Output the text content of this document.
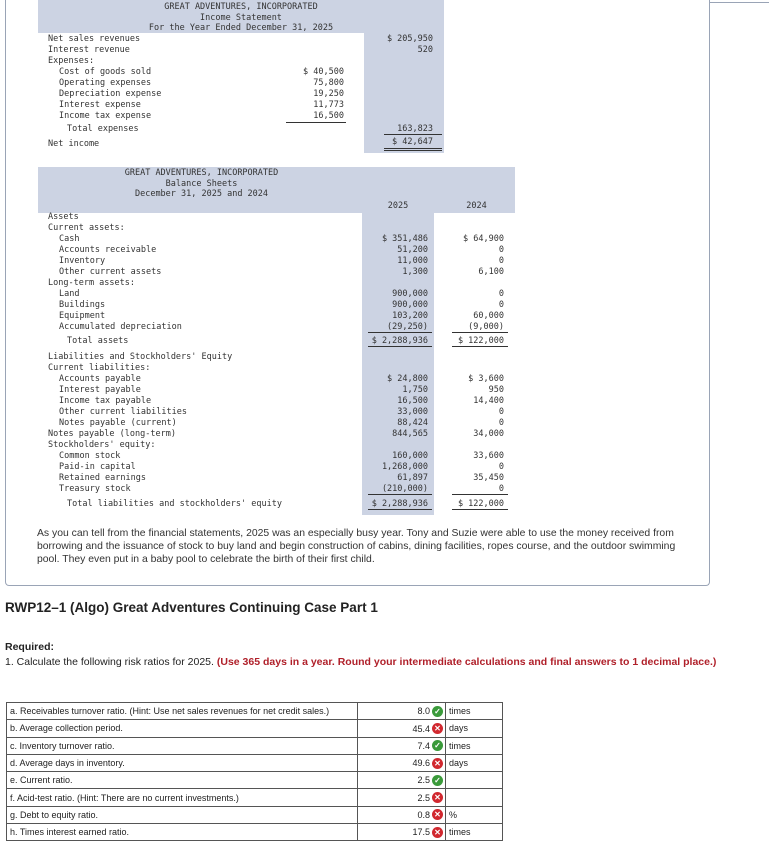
GREAT ADVENTURES, INCORPORATED
Income Statement
For the Year Ended December 31, 2025
Net sales revenues	$ 205,950
Interest revenue	520
Expenses:
Cost of goods sold	$ 40,500
Operating expenses	75,800
Depreciation expense	19,250
Interest expense	11,773
Income tax expense	16,500
Total expenses	163,823
Net income	$ 42,647
GREAT ADVENTURES, INCORPORATED
Balance Sheets
December 31, 2025 and 2024
2025	2024
Assets
Current assets:
Cash	$ 351,486	$ 64,900
Accounts receivable	51,200	0
Inventory	11,000	0
Other current assets	1,300	6,100
Long-term assets:
Land	900,000	0
Buildings	900,000	0
Equipment	103,200	60,000
Accumulated depreciation	(29,250)	(9,000)
Total assets	$ 2,288,936	$ 122,000
Liabilities and Stockholders' Equity
Current liabilities:
Accounts payable	$ 24,800	$ 3,600
Interest payable	1,750	950
Income tax payable	16,500	14,400
Other current liabilities	33,000	0
Notes payable (current)	88,424	0
Notes payable (long-term)	844,565	34,000
Stockholders' equity:
Common stock	160,000	33,600
Paid-in capital	1,268,000	0
Retained earnings	61,897	35,450
Treasury stock	(210,000)	0
Total liabilities and stockholders' equity	$ 2,288,936	$ 122,000
As you can tell from the financial statements, 2025 was an especially busy year. Tony and Suzie were able to use the money received from borrowing and the issuance of stock to buy land and begin construction of cabins, dining facilities, ropes course, and the outdoor swimming pool. They even put in a baby pool to celebrate the birth of their first child.
RWP12–1 (Algo) Great Adventures Continuing Case Part 1
Required:
1. Calculate the following risk ratios for 2025. (Use 365 days in a year. Round your intermediate calculations and final answers to 1 decimal place.)
a. Receivables turnover ratio. (Hint: Use net sales revenues for net credit sales.)	8.0 ✓	times
b. Average collection period.	45.4 ✕	days
c. Inventory turnover ratio.	7.4 ✓	times
d. Average days in inventory.	49.6 ✕	days
e. Current ratio.	2.5 ✓	
f. Acid-test ratio. (Hint: There are no current investments.)	2.5 ✕	
g. Debt to equity ratio.	0.8 ✕	%
h. Times interest earned ratio.	17.5 ✕	times
